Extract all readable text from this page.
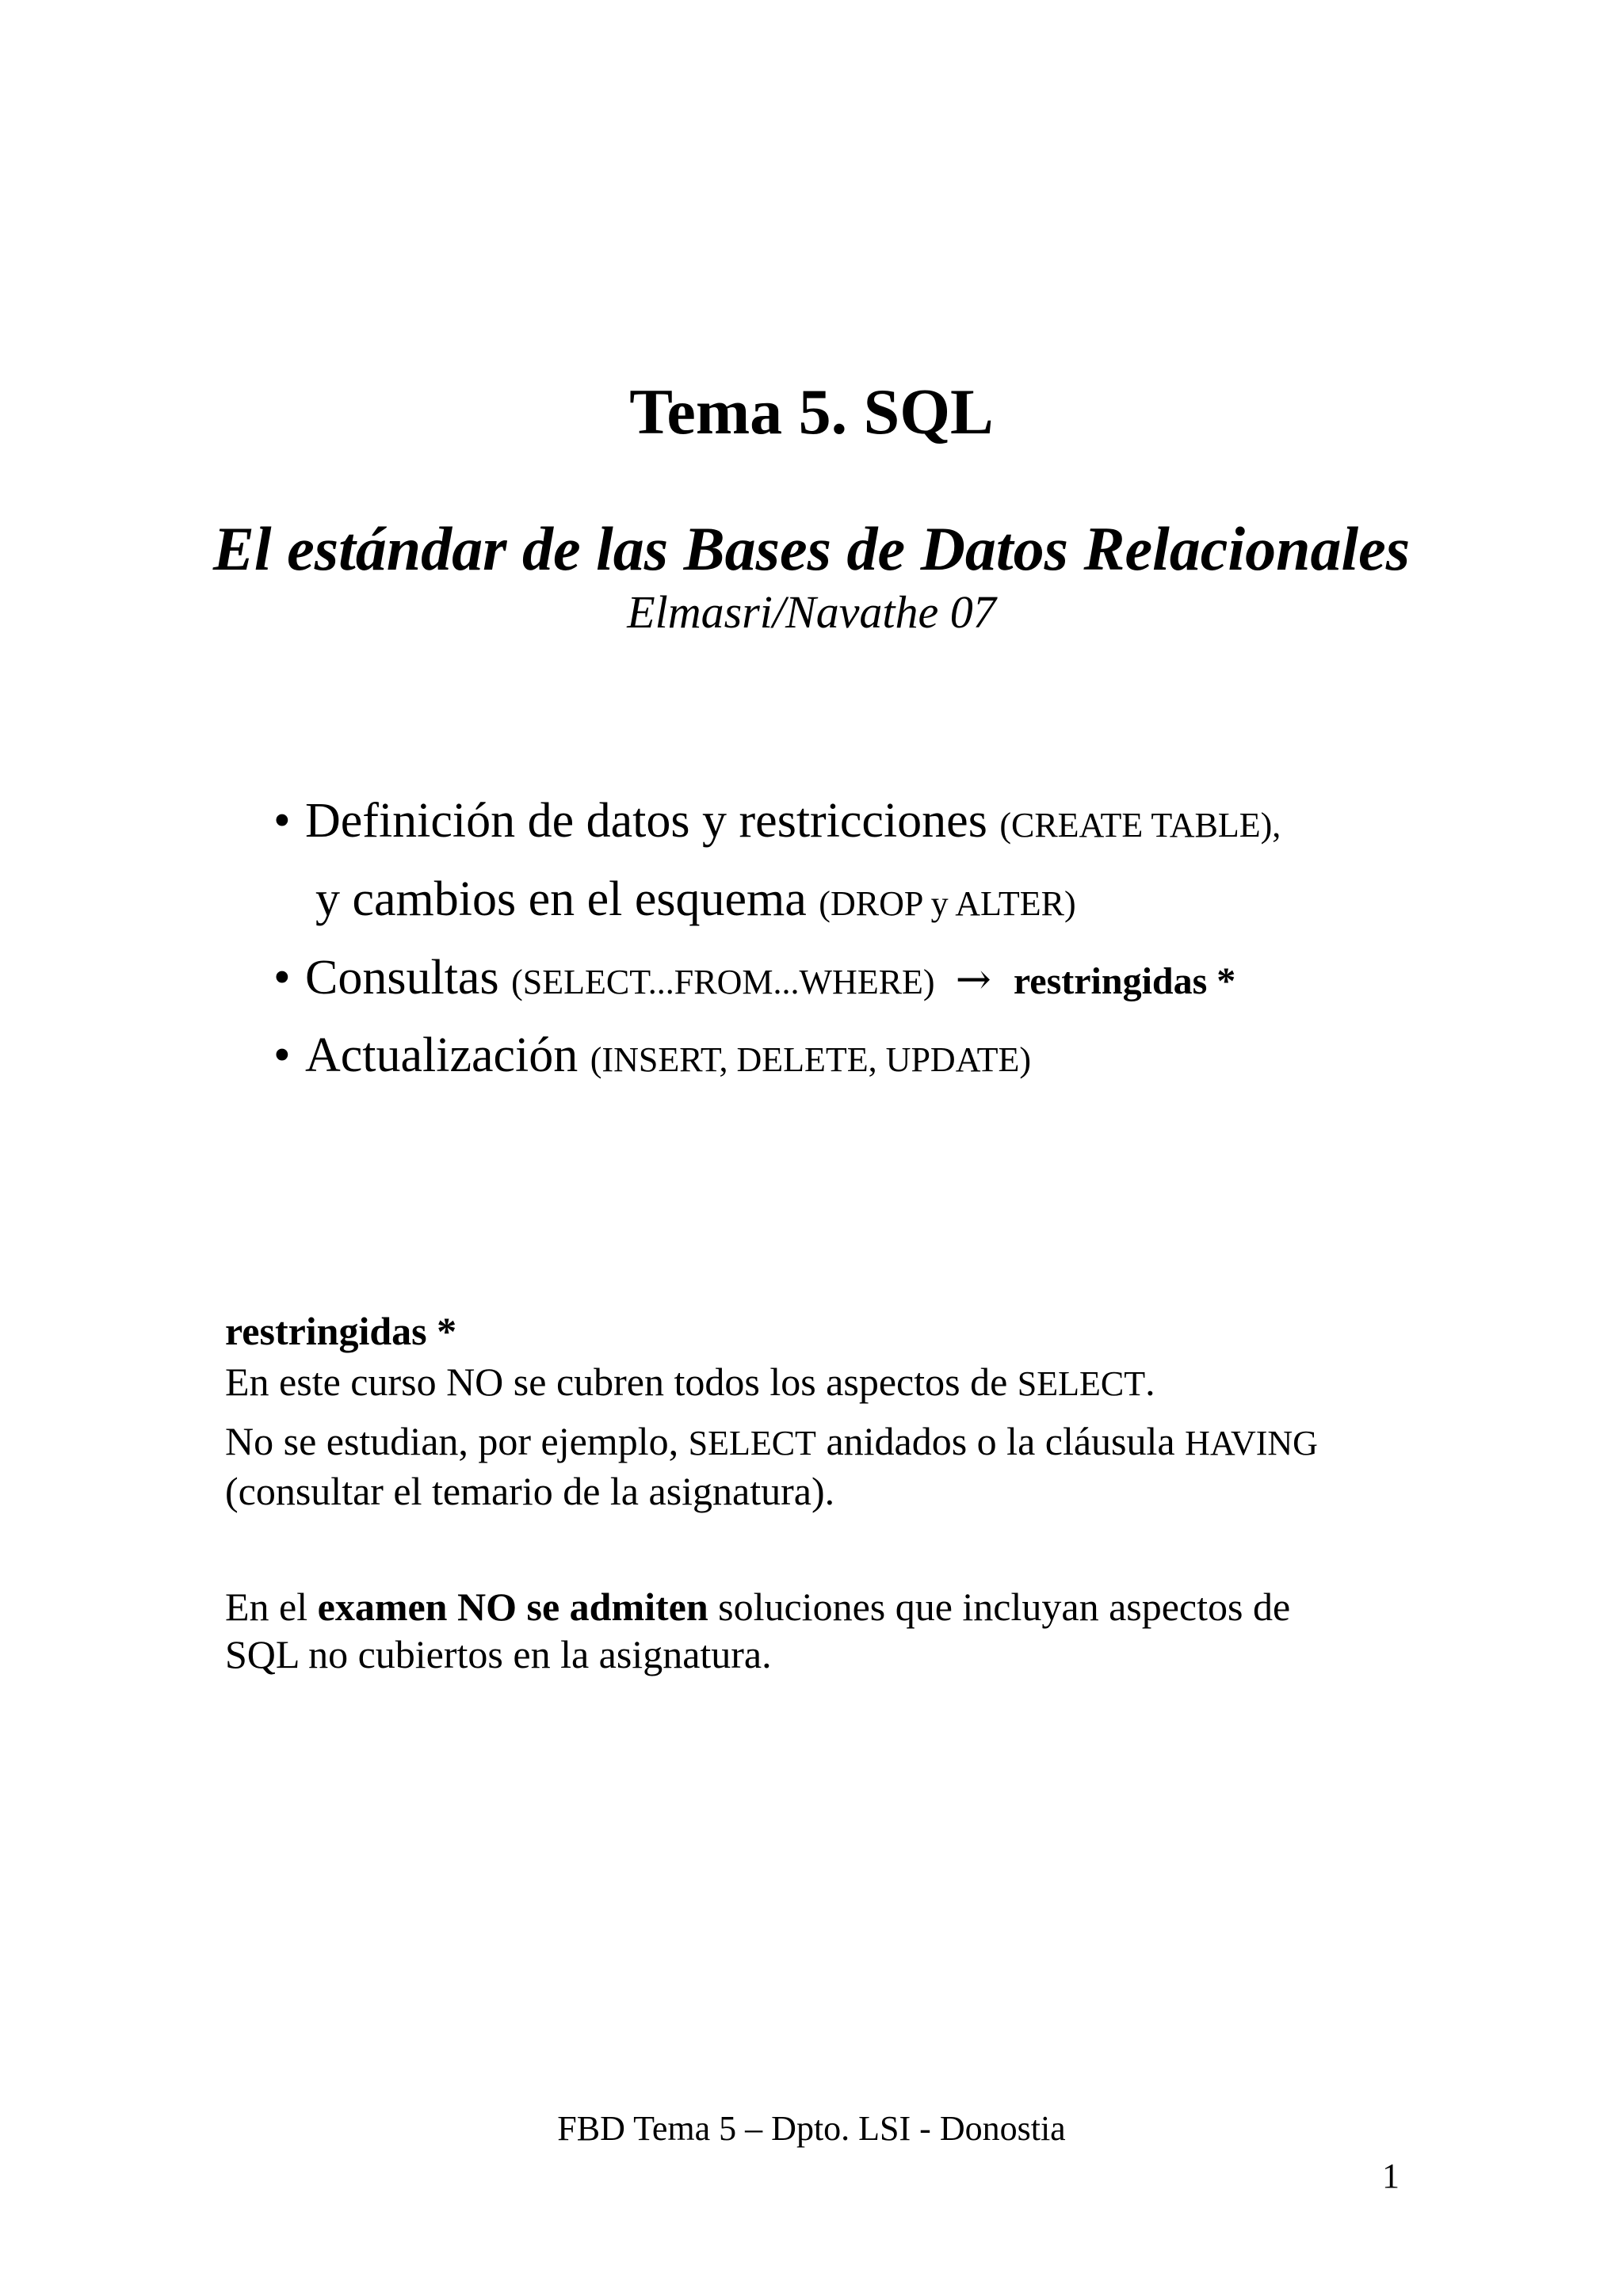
Tema 5. SQL
El estándar de las Bases de Datos Relacionales
Elmasri/Navathe 07
• Definición de datos y restricciones (CREATE TABLE),
y cambios en el esquema (DROP y ALTER)
• Consultas (SELECT...FROM...WHERE) → restringidas *
• Actualización (INSERT, DELETE, UPDATE)

restringidas *

En este curso NO se cubren todos los aspectos de SELECT.

No se estudian, por ejemplo, SELECT anidados o la cláusula HAVING

(consultar el temario de la asignatura).

En el examen NO se admiten soluciones que incluyan aspectos de

SQL no cubiertos en la asignatura.

FBD Tema 5 – Dpto. LSI - Donostia
1
